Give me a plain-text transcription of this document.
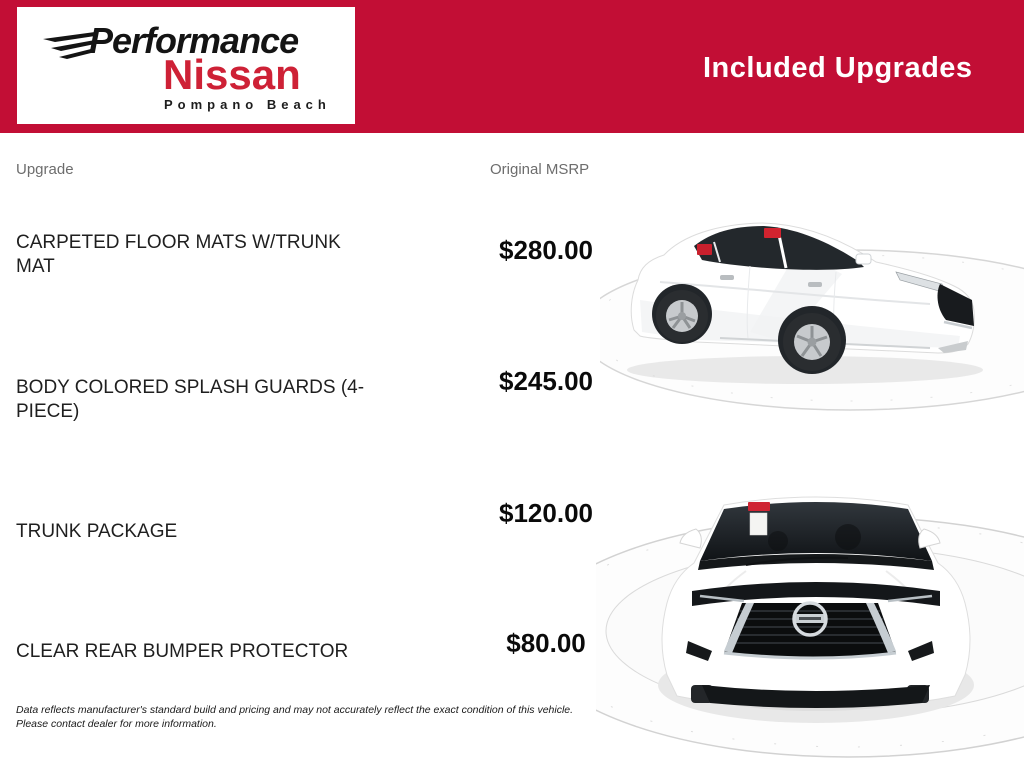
Performance
Nissan
Pompano Beach
Included Upgrades
Upgrade	Original MSRP
CARPETED FLOOR MATS W/TRUNK MAT
$280.00
BODY COLORED SPLASH GUARDS (4-PIECE)
$245.00
TRUNK PACKAGE
$120.00
CLEAR REAR BUMPER PROTECTOR	$80.00
Data reflects manufacturer's standard build and pricing and may not accurately reflect the exact condition of this vehicle. Please contact dealer for more information.
